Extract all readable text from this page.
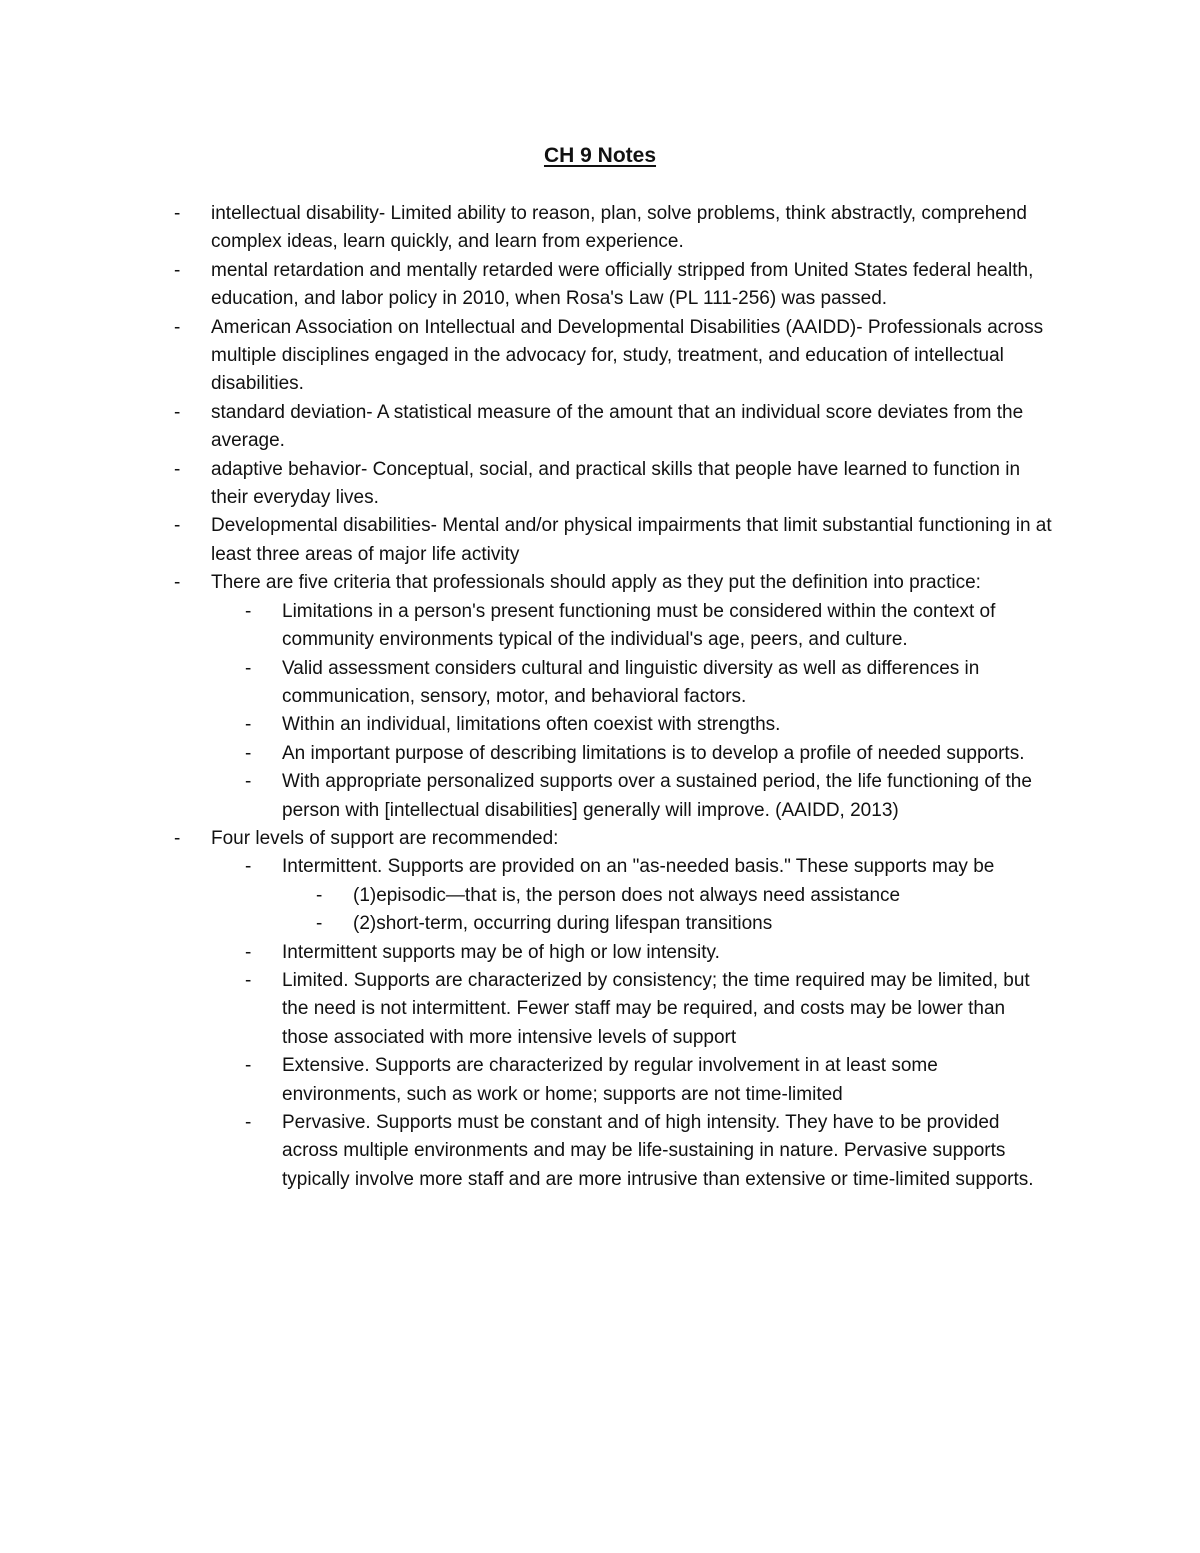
CH 9 Notes
- intellectual disability- Limited ability to reason, plan, solve problems, think abstractly, comprehend complex ideas, learn quickly, and learn from experience.
- mental retardation and mentally retarded were officially stripped from United States federal health, education, and labor policy in 2010, when Rosa's Law (PL 111-256) was passed.
- American Association on Intellectual and Developmental Disabilities (AAIDD)- Professionals across multiple disciplines engaged in the advocacy for, study, treatment, and education of intellectual disabilities.
- standard deviation- A statistical measure of the amount that an individual score deviates from the average.
- adaptive behavior- Conceptual, social, and practical skills that people have learned to function in their everyday lives.
- Developmental disabilities- Mental and/or physical impairments that limit substantial functioning in at least three areas of major life activity
- There are five criteria that professionals should apply as they put the definition into practice:
- Limitations in a person's present functioning must be considered within the context of community environments typical of the individual's age, peers, and culture.
- Valid assessment considers cultural and linguistic diversity as well as differences in communication, sensory, motor, and behavioral factors.
- Within an individual, limitations often coexist with strengths.
- An important purpose of describing limitations is to develop a profile of needed supports.
- With appropriate personalized supports over a sustained period, the life functioning of the person with [intellectual disabilities] generally will improve. (AAIDD, 2013)
- Four levels of support are recommended:
- Intermittent. Supports are provided on an "as-needed basis." These supports may be
- (1)episodic—that is, the person does not always need assistance
- (2)short-term, occurring during lifespan transitions
- Intermittent supports may be of high or low intensity.
- Limited. Supports are characterized by consistency; the time required may be limited, but the need is not intermittent. Fewer staff may be required, and costs may be lower than those associated with more intensive levels of support
- Extensive. Supports are characterized by regular involvement in at least some environments, such as work or home; supports are not time-limited
- Pervasive. Supports must be constant and of high intensity. They have to be provided across multiple environments and may be life-sustaining in nature. Pervasive supports typically involve more staff and are more intrusive than extensive or time-limited supports.
